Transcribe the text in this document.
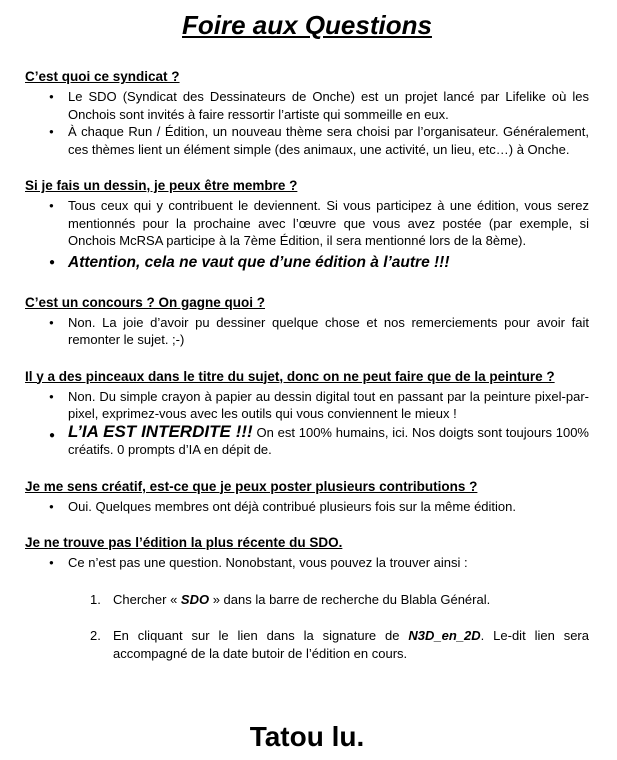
Foire aux Questions
C’est quoi ce syndicat ?
●	Le SDO (Syndicat des Dessinateurs de Onche) est un projet lancé par Lifelike où les Onchois sont invités à faire ressortir l’artiste qui sommeille en eux.
●	À chaque Run / Édition, un nouveau thème sera choisi par l’organisateur. Généralement, ces thèmes lient un élément simple (des animaux, une activité, un lieu, etc…) à Onche.
Si je fais un dessin, je peux être membre ?
●	Tous ceux qui y contribuent le deviennent. Si vous participez à une édition, vous serez mentionnés pour la prochaine avec l’œuvre que vous avez postée (par exemple, si Onchois McRSA participe à la 7ème Édition, il sera mentionné lors de la 8ème).
● Attention, cela ne vaut que d’une édition à l’autre !!!
C’est un concours ? On gagne quoi ?
●	Non. La joie d’avoir pu dessiner quelque chose et nos remerciements pour avoir fait remonter le sujet. ;-)
Il y a des pinceaux dans le titre du sujet, donc on ne peut faire que de la peinture ?
●	Non. Du simple crayon à papier au dessin digital tout en passant par la peinture pixel-par-pixel, exprimez-vous avec les outils qui vous conviennent le mieux !
● L’IA EST INTERDITE !!! On est 100% humains, ici. Nos doigts sont toujours 100% créatifs. 0 prompts d’IA en dépit de.
Je me sens créatif, est-ce que je peux poster plusieurs contributions ?
●	Oui. Quelques membres ont déjà contribué plusieurs fois sur la même édition.
Je ne trouve pas l’édition la plus récente du SDO.
●	Ce n’est pas une question. Nonobstant, vous pouvez la trouver ainsi :
1. Chercher « SDO » dans la barre de recherche du Blabla Général.
2. En cliquant sur le lien dans la signature de N3D_en_2D. Le-dit lien sera accompagné de la date butoir de l’édition en cours.
Tatou lu.
